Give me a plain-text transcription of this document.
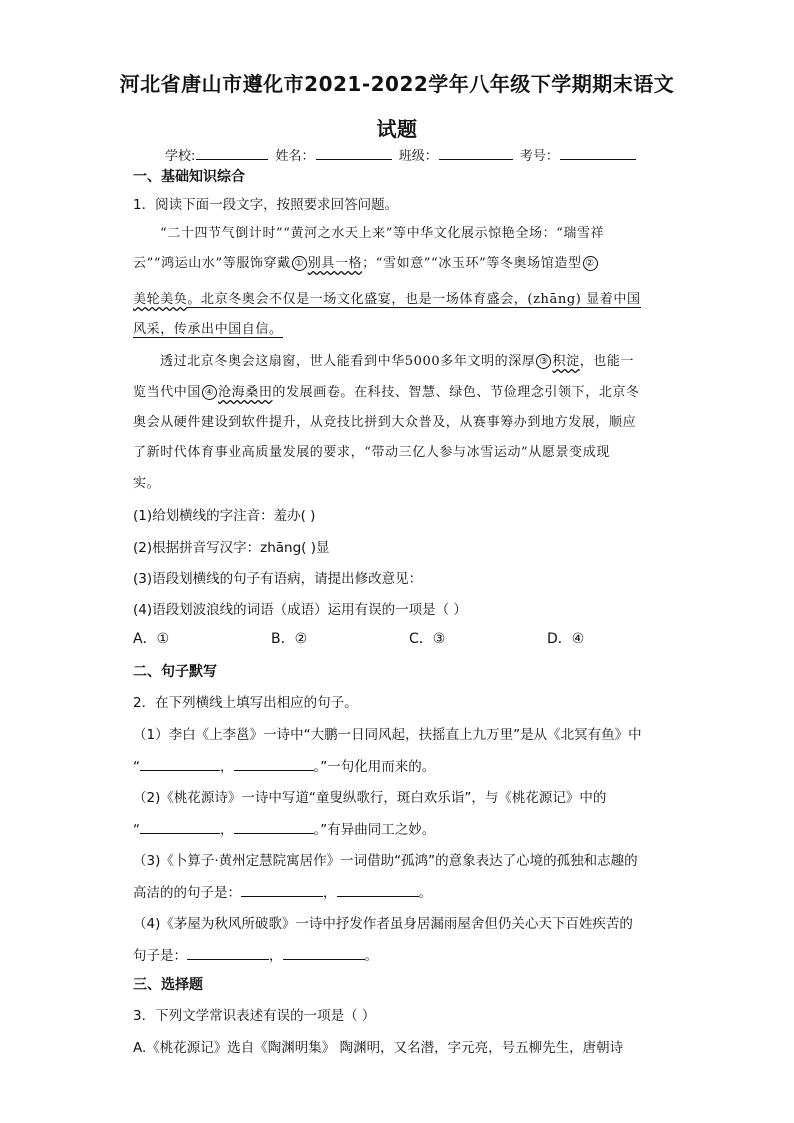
河北省唐山市遵化市2021-2022学年八年级下学期期末语文
试题
学校:	姓名：	班级：	考号：
一、基础知识综合
1．阅读下面一段文字，按照要求回答问题。
“二十四节气倒计时”“黄河之水天上来”等中华文化展示惊艳全场：“瑞雪祥
云”“鸿运山水”等服饰穿戴 ① 别具一格；“雪如意”“冰玉环”等冬奥场馆造型 ②
美轮美奂。北京冬奥会不仅是一场文化盛宴，也是一场体育盛会，(zhāng) 显着中国
风采，传承出中国自信。
透过北京冬奥会这扇窗，世人能看到中华5000多年文明的深厚 ③ 积淀，也能一
览当代中国 ④ 沧海桑田的发展画卷。在科技、智慧、绿色、节俭理念引领下，北京冬
奥会从硬件建设到软件提升，从竞技比拼到大众普及，从赛事筹办到地方发展，顺应
了新时代体育事业高质量发展的要求，“带动三亿人参与冰雪运动”从愿景变成现
实。
(1)给划横线的字注音：羞办( )
(2)根据拼音写汉字：zhāng( )显
(3)语段划横线的句子有语病，请提出修改意见：
(4)语段划波浪线的词语（成语）运用有误的一项是（ ）
A．①	B．②	C．③	D．④
二、句子默写
2．在下列横线上填写出相应的句子。
（1）李白《上李邕》一诗中“大鹏一日同风起，扶摇直上九万里”是从《北冥有鱼》中
“	，	。”一句化用而来的。
（2)《桃花源诗》一诗中写道“童叟纵歌行，斑白欢乐诣”，与《桃花源记》中的
“	，	。”有异曲同工之妙。
（3)《卜算子·黄州定慧院寓居作》一词借助“孤鸿”的意象表达了心境的孤独和志趣的
高洁的的句子是：	，	。
（4)《茅屋为秋风所破歌》一诗中抒发作者虽身居漏雨屋舍但仍关心天下百姓疾苦的
句子是：	，	。
三、选择题
3．下列文学常识表述有误的一项是（ ）
A.《桃花源记》选自《陶渊明集》 陶渊明，又名潜，字元亮，号五柳先生，唐朝诗
